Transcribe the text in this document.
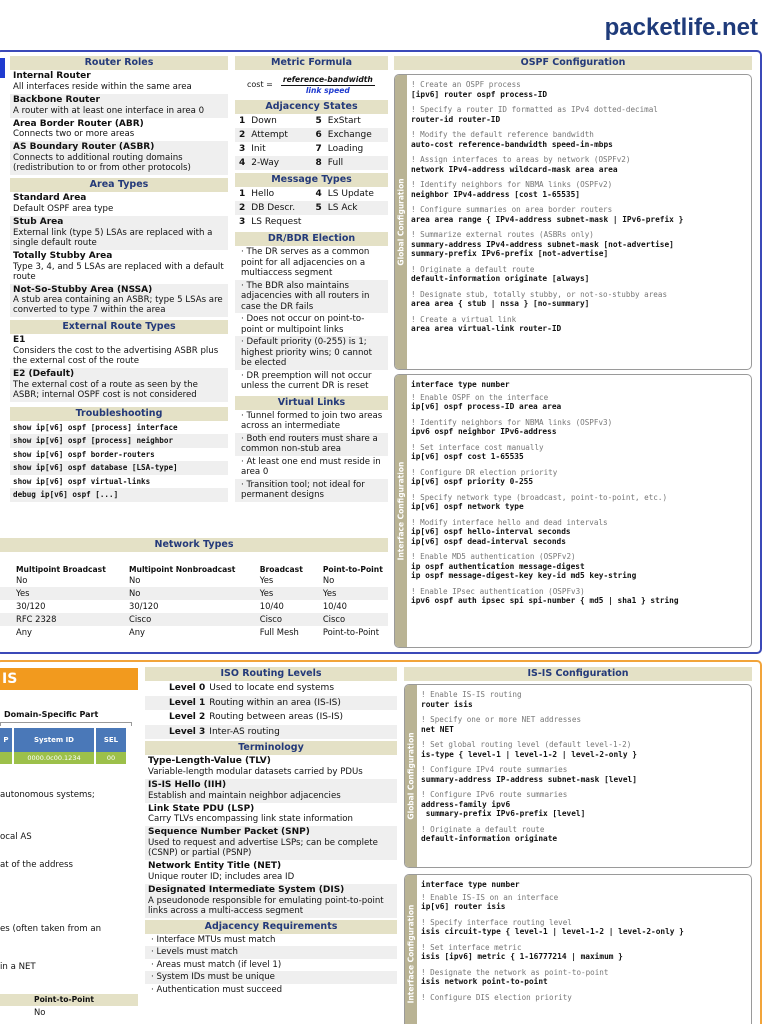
packetlife.net
Router Roles
Internal Router
All interfaces reside within the same area
Backbone Router
A router with at least one interface in area 0
Area Border Router (ABR)
Connects two or more areas
AS Boundary Router (ASBR)
Connects to additional routing domains (redistribution to or from other protocols)
Area Types
Standard Area
Default OSPF area type
Stub Area
External link (type 5) LSAs are replaced with a single default route
Totally Stubby Area
Type 3, 4, and 5 LSAs are replaced with a default route
Not-So-Stubby Area (NSSA)
A stub area containing an ASBR; type 5 LSAs are converted to type 7 within the area
External Route Types
E1
Considers the cost to the advertising ASBR plus the external cost of the route
E2 (Default)
The external cost of a route as seen by the ASBR; internal OSPF cost is not considered
Troubleshooting
show ip[v6] ospf [process] interface
show ip[v6] ospf [process] neighbor
show ip[v6] ospf border-routers
show ip[v6] ospf database [LSA-type]
show ip[v6] ospf virtual-links
debug ip[v6] ospf [...]
Metric Formula
cost =
reference-bandwidth
link speed
Adjacency States
1 Down	5 ExStart
2 Attempt	6 Exchange
3 Init	7 Loading
4 2-Way	8 Full
Message Types
1 Hello	4 LS Update
2 DB Descr.	5 LS Ack
3 LS Request
DR/BDR Election
· The DR serves as a common point for all adjacencies on a multiaccess segment
· The BDR also maintains adjacencies with all routers in case the DR fails
· Does not occur on point-to-point or multipoint links
· Default priority (0-255) is 1; highest priority wins; 0 cannot be elected
· DR preemption will not occur unless the current DR is reset
Virtual Links
· Tunnel formed to join two areas across an intermediate
· Both end routers must share a common non-stub area
· At least one end must reside in area 0
· Transition tool; not ideal for permanent designs
Network Types
Multipoint Broadcast	Multipoint Nonbroadcast	Broadcast	Point-to-Point
No	No	Yes	No
Yes	No	Yes	Yes
30/120	30/120	10/40	10/40
RFC 2328	Cisco	Cisco	Cisco
Any	Any	Full Mesh	Point-to-Point
OSPF Configuration
Global Configuration
! Create an OSPF process
[ipv6] router ospf process-ID
! Specify a router ID formatted as IPv4 dotted-decimal
router-id router-ID
! Modify the default reference bandwidth
auto-cost reference-bandwidth speed-in-mbps
! Assign interfaces to areas by network (OSPFv2)
network IPv4-address wildcard-mask area area
! Identify neighbors for NBMA links (OSPFv2)
neighbor IPv4-address [cost 1-65535]
! Configure summaries on area border routers
area area range { IPv4-address subnet-mask | IPv6-prefix }
! Summarize external routes (ASBRs only)
summary-address IPv4-address subnet-mask [not-advertise]
summary-prefix IPv6-prefix [not-advertise]
! Originate a default route
default-information originate [always]
! Designate stub, totally stubby, or not-so-stubby areas
area area { stub | nssa } [no-summary]
! Create a virtual link
area area virtual-link router-ID
Interface Configuration
interface type number
! Enable OSPF on the interface
ip[v6] ospf process-ID area area
! Identify neighbors for NBMA links (OSPFv3)
ipv6 ospf neighbor IPv6-address
! Set interface cost manually
ip[v6] ospf cost 1-65535
! Configure DR election priority
ip[v6] ospf priority 0-255
! Specify network type (broadcast, point-to-point, etc.)
ip[v6] ospf network type
! Modify interface hello and dead intervals
ip[v6] ospf hello-interval seconds
ip[v6] ospf dead-interval seconds
! Enable MD5 authentication (OSPFv2)
ip ospf authentication message-digest
ip ospf message-digest-key key-id md5 key-string
! Enable IPsec authentication (OSPFv3)
ipv6 ospf auth ipsec spi spi-number { md5 | sha1 } string
IS
Domain-Specific Part
P	System ID
0000.0c00.1234
SEL
00
autonomous systems;
ocal AS
at of the address
es (often taken from an
in a NET
Point-to-Point
No
ISO Routing Levels
Level 0 Used to locate end systems
Level 1 Routing within an area (IS-IS)
Level 2 Routing between areas (IS-IS)
Level 3 Inter-AS routing
Terminology
Type-Length-Value (TLV)
Variable-length modular datasets carried by PDUs
IS-IS Hello (IIH)
Establish and maintain neighbor adjacencies
Link State PDU (LSP)
Carry TLVs encompassing link state information
Sequence Number Packet (SNP)
Used to request and advertise LSPs; can be complete (CSNP) or partial (PSNP)
Network Entity Title (NET)
Unique router ID; includes area ID
Designated Intermediate System (DIS)
A pseudonode responsible for emulating point-to-point links across a multi-access segment
Adjacency Requirements
· Interface MTUs must match
· Levels must match
· Areas must match (if level 1)
· System IDs must be unique
· Authentication must succeed
IS-IS Configuration
Global Configuration
! Enable IS-IS routing
router isis
! Specify one or more NET addresses
net NET
! Set global routing level (default level-1-2)
is-type { level-1 | level-1-2 | level-2-only }
! Configure IPv4 route summaries
summary-address IP-address subnet-mask [level]
! Configure IPv6 route summaries
address-family ipv6
summary-prefix IPv6-prefix [level]
! Originate a default route
default-information originate
Interface Configuration
interface type number
! Enable IS-IS on an interface
ip[v6] router isis
! Specify interface routing level
isis circuit-type { level-1 | level-1-2 | level-2-only }
! Set interface metric
isis [ipv6] metric { 1-16777214 | maximum }
! Designate the network as point-to-point
isis network point-to-point
! Configure DIS election priority
